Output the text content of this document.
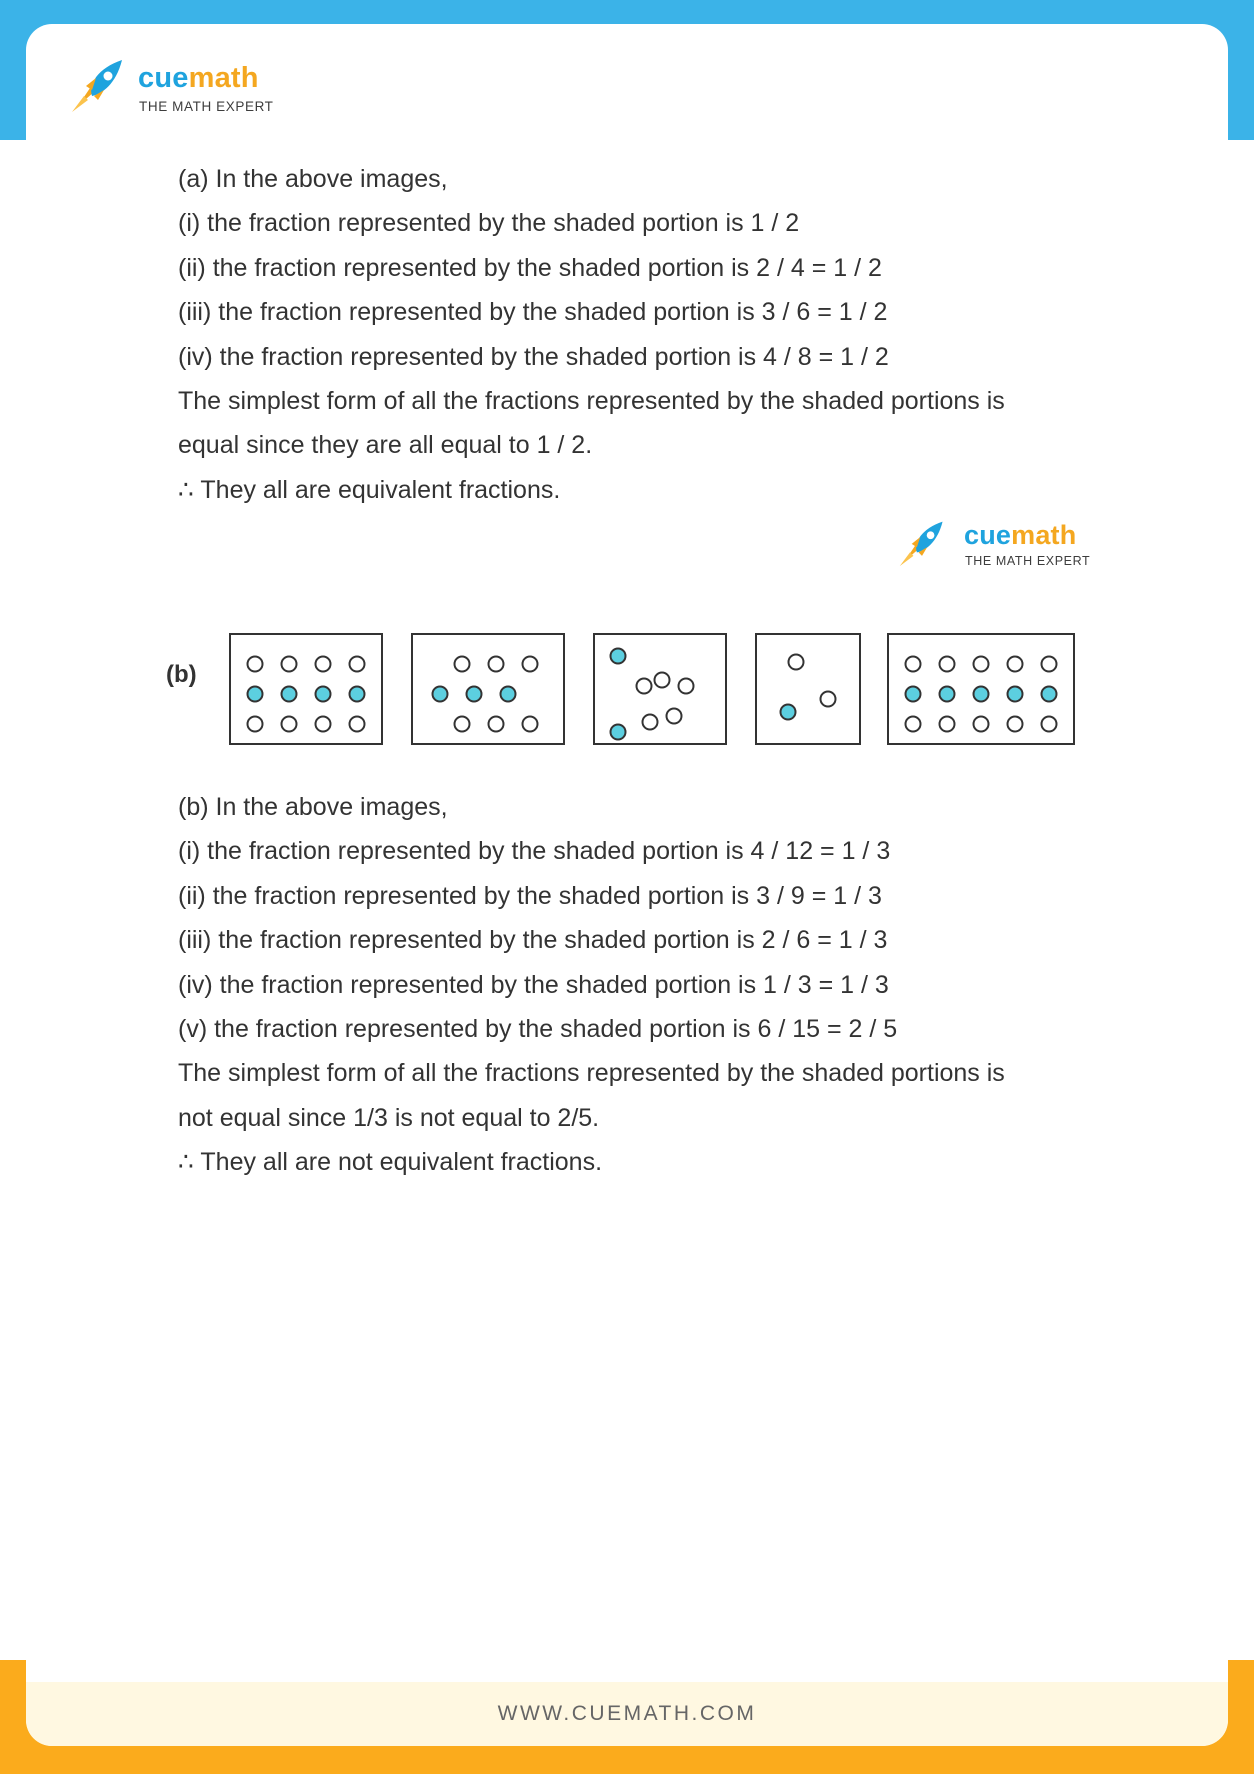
cuemath
THE MATH EXPERT
(a) In the above images,
(i) the fraction represented by the shaded portion is 1 / 2
(ii) the fraction represented by the shaded portion is 2 / 4 = 1 / 2
(iii) the fraction represented by the shaded portion is 3 / 6 = 1 / 2
(iv) the fraction represented by the shaded portion is 4 / 8 = 1 / 2
The simplest form of all the fractions represented by the shaded portions is
equal since they are all equal to 1 / 2.
∴ They all are equivalent fractions.
cuemath
THE MATH EXPERT
(b)
(b) In the above images,
(i) the fraction represented by the shaded portion is 4 / 12 = 1 / 3
(ii) the fraction represented by the shaded portion is 3 / 9 = 1 / 3
(iii) the fraction represented by the shaded portion is 2 / 6 = 1 / 3
(iv) the fraction represented by the shaded portion is 1 / 3 = 1 / 3
(v) the fraction represented by the shaded portion is 6 / 15 = 2 / 5
The simplest form of all the fractions represented by the shaded portions is
not equal since 1/3 is not equal to 2/5.
∴ They all are not equivalent fractions.
WWW.CUEMATH.COM
